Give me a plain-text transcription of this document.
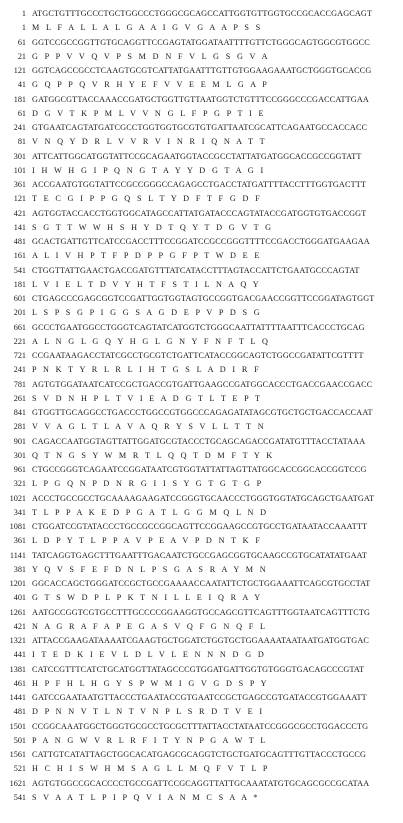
1 ATGCTGTTTGCCCTGCTGGCCCTGGGCGCAGCCATTGGTGTTGGTGCCGCACCGAGCAGT
1 M   L   F   A   L   L   A   L   G   A   A   I   G   V   G   A   A   P   S   S
61 GGTCCGCCGGTTGTGCAGGTTCCGAGTATGGATAATTTTGTTCTGGGCAGTGGCGTGGCC
21 G   P   P   V   V   Q   V   P   S   M   D   N   F   V   L   G   S   G   V   A
121 GGTCAGCCGCCTCAAGTGCGTCATTATGAATTTGTTGTGGAAGAAATGCTGGGTGCACCG
41 G   Q   P   P   Q   V   R   H   Y   E   F   V   V   E   E   M   L   G   A   P
181 GATGGCGTTACCAAACCGATGCTGGTTGTTAATGGTCTGTTTCCGGGCCCGACCATTGAA
61 D   G   V   T   K   P   M   L   V   V   N   G   L   F   P   G   P   T   I   E
241 GTGAATCAGTATGATCGCCTGGTGGTGCGTGTGATTAATCGCATTCAGAATGCCACCACC
81 V   N   Q   Y   D   R   L   V   V   R   V   I   N   R   I   Q   N   A   T   T
301 ATTCATTGGCATGGTATTCCGCAGAATGGTACCGCCTATTATGATGGCACCGCCGGTATT
101 I   H   W   H   G   I   P   Q   N   G   T   A   Y   Y   D   G   T   A   G   I
361 ACCGAATGTGGTATTCCGCCGGGCCAGAGCCTGACCTATGATTTTACCTTTGGTGACTTT
121 T   E   C   G   I   P   P   G   Q   S   L   T   Y   D   F   T   F   G   D   F
421 AGTGGTACCACCTGGTGGCATAGCCATTATGATACCCAGTATACCGATGGTGTGACCGGT
141 S   G   T   T   W   W   H   S   H   Y   D   T   Q   Y   T   D   G   V   T   G
481 GCACTGATTGTTCATCCGACCTTTCCGGATCCGCCGGGTTTTCCGACCTGGGATGAAGAA
161 A   L   I   V   H   P   T   F   P   D   P   P   G   F   P   T   W   D   E   E
541 CTGGTTATTGAACTGACCGATGTTTATCATACCTTTAGTACCATTCTGAATGCCCAGTAT
181 L   V   I   E   L   T   D   V   Y   H   T   F   S   T   I   L   N   A   Q   Y
601 CTGAGCCCGAGCGGTCCGATTGGTGGTAGTGCCGGTGACGAACCGGTTCCGGATAGTGGT
201 L   S   P   S   G   P   I   G   G   S   A   G   D   E   P   V   P   D   S   G
661 GCCCTGAATGGCCTGGGTCAGTATCATGGTCTGGGCAATTATTTTAATTTCACCCTGCAG
221 A   L   N   G   L   G   Q   Y   H   G   L   G   N   Y   F   N   F   T   L   Q
721 CCGAATAAGACCTATCGCCTGCGTCTGATTCATACCGGCAGTCTGGCCGATATTCGTTTT
241 P   N   K   T   Y   R   L   R   L   I   H   T   G   S   L   A   D   I   R   F
781 AGTGTGGATAATCATCCGCTGACCGTGATTGAAGCCGATGGCACCCTGACCGAACCGACC
261 S   V   D   N   H   P   L   T   V   I   E   A   D   G   T   L   T   E   P   T
841 GTGGTTGCAGGCCTGACCCTGGCCGTGGCCCAGAGATATAGCGTGCTGCTGACCACCAAT
281 V   V   A   G   L   T   L   A   V   A   Q   R   Y   S   V   L   L   T   T   N
901 CAGACCAATGGTAGTTATTGGATGCGTACCCTGCAGCAGACCGATATGTTTACCTATAAA
301 Q   T   N   G   S   Y   W   M   R   T   L   Q   Q   T   D   M   F   T   Y   K
961 CTGCCGGGTCAGAATCCGGATAATCGTGGTATTATTAGTTATGGCACCGGCACCGGTCCG
321 L   P   G   Q   N   P   D   N   R   G   I   I   S   Y   G   T   G   T   G   P
1021 ACCCTGCCGCCTGCAAAAGAAGATCCGGGTGCAACCCTGGGTGGTATGCAGCTGAATGAT
341 T   L   P   P   A   K   E   D   P   G   A   T   L   G   G   M   Q   L   N   D
1081 CTGGATCCGTATACCCTGCCGCCGGCAGTTCCGGAAGCCGTGCCTGATAATACCAAATTT
361 L   D   P   Y   T   L   P   P   A   V   P   E   A   V   P   D   N   T   K   F
1141 TATCAGGTGAGCTTTGAATTTGACAATCTGCCGAGCGGTGCAAGCCGTGCATATATGAAT
381 Y   Q   V   S   F   E   F   D   N   L   P   S   G   A   S   R   A   Y   M   N
1201 GGCACCAGCTGGGATCCGCTGCCGAAAACCAATATTCTGCTGGAAATTCAGCGTGCCTAT
401 G   T   S   W   D   P   L   P   K   T   N   I   L   L   E   I   Q   R   A   Y
1261 AATGCCGGTCGTGCCTTTGCCCCGGAAGGTGCCAGCGTTCAGTTTGGTAATCAGTTTCTG
421 N   A   G   R   A   F   A   P   E   G   A   S   V   Q   F   G   N   Q   F   L
1321 ATTACCGAAGATAAAATCGAAGTGCTGGATCTGGTGCTGGAAAATAATAATGATGGTGAC
441 I   T   E   D   K   I   E   V   L   D   L   V   L   E   N   N   N   D   G   D
1381 CATCCGTTTCATCTGCATGGTTATAGCCCGTGGATGATTGGTGTGGGTGACAGCCCGTAT
461 H   P   F   H   L   H   G   Y   S   P   W   M   I   G   V   G   D   S   P   Y
1441 GATCCGAATAATGTTACCCTGAATACCGTGAATCCGCTGAGCCGTGATACCGTGGAAATT
481 D   P   N   N   V   T   L   N   T   V   N   P   L   S   R   D   T   V   E   I
1501 CCGGCAAATGGCTGGGTGCGCCTGCGCTTTATTACCTATAATCCGGGCGCCTGGACCCTG
501 P   A   N   G   W   V   R   L   R   F   I   T   Y   N   P   G   A   W   T   L
1561 CATTGTCATATTAGCTGGCACATGAGCGCAGGTCTGCTGATGCAGTTTGTTACCCTGCCG
521 H   C   H   I   S   W   H   M   S   A   G   L   L   M   Q   F   V   T   L   P
1621 AGTGTGGCCGCACCCCTGCCGATTCCGCAGGTTATTGCAAATATGTGCAGCGCCGCATAA
541 S   V   A   A   T   L   P   I   P   Q   V   I   A   N   M   C   S   A   A   *
